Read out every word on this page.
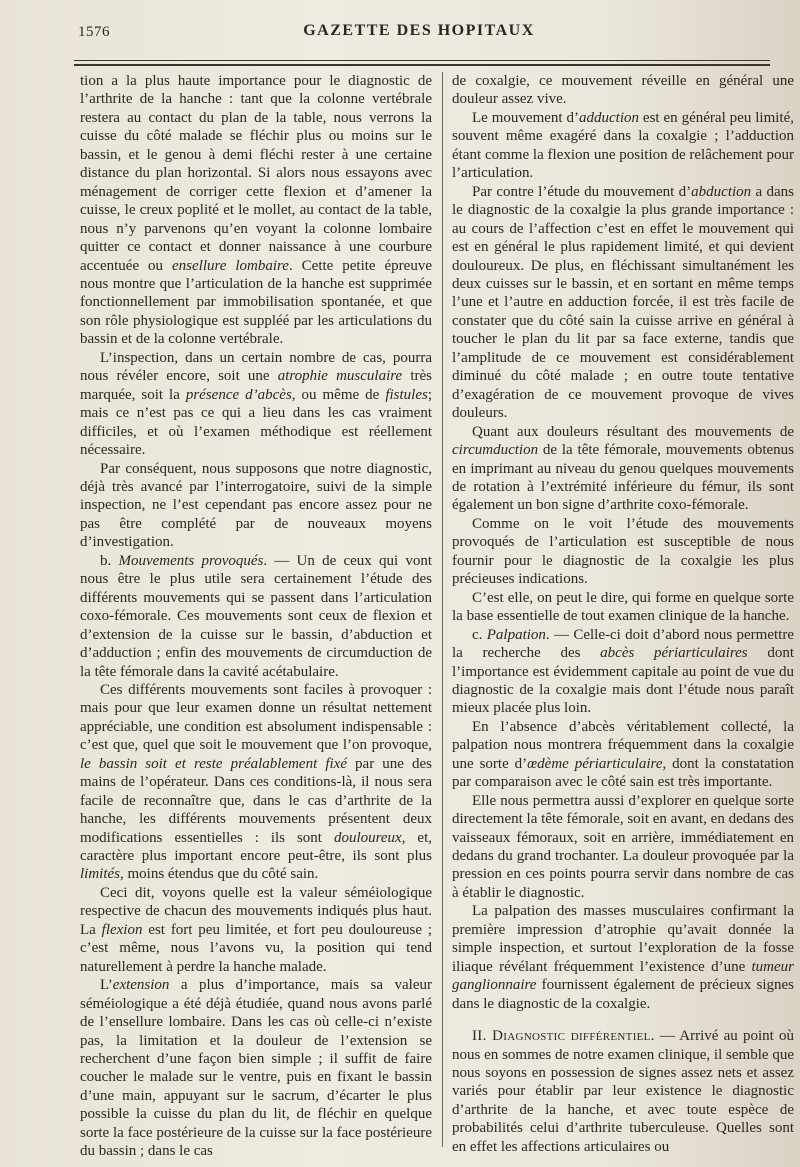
1576	GAZETTE DES HOPITAUX

tion a la plus haute importance pour le diagnostic de l’arthrite de la hanche : tant que la colonne vertébrale restera au contact du plan de la table, nous verrons la cuisse du côté malade se fléchir plus ou moins sur le bassin, et le genou à demi fléchi rester à une certaine distance du plan horizontal. Si alors nous essayons avec ménagement de corriger cette flexion et d’amener la cuisse, le creux poplité et le mollet, au contact de la table, nous n’y parvenons qu’en voyant la colonne lombaire quitter ce contact et donner naissance à une courbure accentuée ou ensellure lombaire. Cette petite épreuve nous montre que l’articulation de la hanche est supprimée fonctionnellement par immobilisation spontanée, et que son rôle physiologique est suppléé par les articulations du bassin et de la colonne vertébrale.

L’inspection, dans un certain nombre de cas, pourra nous révéler encore, soit une atrophie musculaire très marquée, soit la présence d’abcès, ou même de fistules; mais ce n’est pas ce qui a lieu dans les cas vraiment difficiles, et où l’examen méthodique est réellement nécessaire.

Par conséquent, nous supposons que notre diagnostic, déjà très avancé par l’interrogatoire, suivi de la simple inspection, ne l’est cependant pas encore assez pour ne pas être complété par de nouveaux moyens d’investigation.

b. Mouvements provoqués. — Un de ceux qui vont nous être le plus utile sera certainement l’étude des différents mouvements qui se passent dans l’articulation coxo-fémorale. Ces mouvements sont ceux de flexion et d’extension de la cuisse sur le bassin, d’abduction et d’adduction ; enfin des mouvements de circumduction de la tête fémorale dans la cavité acétabulaire.

Ces différents mouvements sont faciles à provoquer : mais pour que leur examen donne un résultat nettement appréciable, une condition est absolument indispensable : c’est que, quel que soit le mouvement que l’on provoque, le bassin soit et reste préalablement fixé par une des mains de l’opérateur. Dans ces conditions-là, il nous sera facile de reconnaître que, dans le cas d’arthrite de la hanche, les différents mouvements présentent deux modifications essentielles : ils sont douloureux, et, caractère plus important encore peut-être, ils sont plus limités, moins étendus que du côté sain.

Ceci dit, voyons quelle est la valeur séméiologique respective de chacun des mouvements indiqués plus haut. La flexion est fort peu limitée, et fort peu douloureuse ; c’est même, nous l’avons vu, la position qui tend naturellement à perdre la hanche malade.

L’extension a plus d’importance, mais sa valeur séméiologique a été déjà étudiée, quand nous avons parlé de l’ensellure lombaire. Dans les cas où celle-ci n’existe pas, la limitation et la douleur de l’extension se recherchent d’une façon bien simple ; il suffit de faire coucher le malade sur le ventre, puis en fixant le bassin d’une main, appuyant sur le sacrum, d’écarter le plus possible la cuisse du plan du lit, de fléchir en quelque sorte la face postérieure de la cuisse sur la face postérieure du bassin ; dans le cas

de coxalgie, ce mouvement réveille en général une douleur assez vive.

Le mouvement d’adduction est en général peu limité, souvent même exagéré dans la coxalgie ; l’adduction étant comme la flexion une position de relâchement pour l’articulation.

Par contre l’étude du mouvement d’abduction a dans le diagnostic de la coxalgie la plus grande importance : au cours de l’affection c’est en effet le mouvement qui est en général le plus rapidement limité, et qui devient douloureux. De plus, en fléchissant simultanément les deux cuisses sur le bassin, et en sortant en même temps l’une et l’autre en adduction forcée, il est très facile de constater que du côté sain la cuisse arrive en général à toucher le plan du lit par sa face externe, tandis que l’amplitude de ce mouvement est considérablement diminué du côté malade ; en outre toute tentative d’exagération de ce mouvement provoque de vives douleurs.

Quant aux douleurs résultant des mouvements de circumduction de la tête fémorale, mouvements obtenus en imprimant au niveau du genou quelques mouvements de rotation à l’extrémité inférieure du fémur, ils sont également un bon signe d’arthrite coxo-fémorale.

Comme on le voit l’étude des mouvements provoqués de l’articulation est susceptible de nous fournir pour le diagnostic de la coxalgie les plus précieuses indications.

C’est elle, on peut le dire, qui forme en quelque sorte la base essentielle de tout examen clinique de la hanche.

c. Palpation. — Celle-ci doit d’abord nous permettre la recherche des abcès périarticulaires dont l’importance est évidemment capitale au point de vue du diagnostic de la coxalgie mais dont l’étude nous paraît mieux placée plus loin.

En l’absence d’abcès véritablement collecté, la palpation nous montrera fréquemment dans la coxalgie une sorte d’œdème périarticulaire, dont la constatation par comparaison avec le côté sain est très importante.

Elle nous permettra aussi d’explorer en quelque sorte directement la tête fémorale, soit en avant, en dedans des vaisseaux fémoraux, soit en arrière, immédiatement en dedans du grand trochanter. La douleur provoquée par la pression en ces points pourra servir dans nombre de cas à établir le diagnostic.

La palpation des masses musculaires confirmant la première impression d’atrophie qu’avait donnée la simple inspection, et surtout l’exploration de la fosse iliaque révélant fréquemment l’existence d’une tumeur ganglionnaire fournissent également de précieux signes dans le diagnostic de la coxalgie.

II. Diagnostic différentiel. — Arrivé au point où nous en sommes de notre examen clinique, il semble que nous soyons en possession de signes assez nets et assez variés pour établir par leur existence le diagnostic d’arthrite de la hanche, et avec toute espèce de probabilités celui d’arthrite tuberculeuse. Quelles sont en effet les affections articulaires ou
